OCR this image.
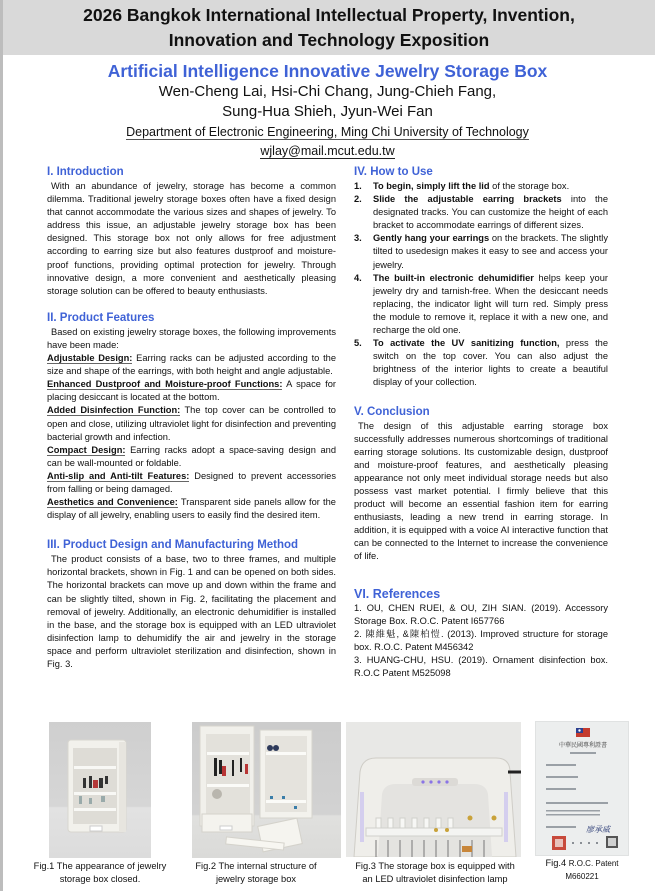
2026 Bangkok International Intellectual Property, Invention,
Innovation and Technology Exposition
Artificial Intelligence Innovative Jewelry Storage Box
Wen-Cheng Lai, Hsi-Chi Chang, Jung-Chieh Fang,
Sung-Hua Shieh, Jyun-Wei Fan
Department of Electronic Engineering, Ming Chi University of Technology
wjlay@mail.mcut.edu.tw
I. Introduction
With an abundance of jewelry, storage has become a common dilemma. Traditional jewelry storage boxes often have a fixed design that cannot accommodate the various sizes and shapes of jewelry. To address this issue, an adjustable jewelry storage box has been designed. This storage box not only allows for free adjustment according to earring size but also features dustproof and moisture-proof functions, providing optimal protection for jewelry. Through innovative design, a more convenient and aesthetically pleasing storage solution can be offered to beauty enthusiasts.
II. Product Features
Based on existing jewelry storage boxes, the following improvements have been made:
Adjustable Design: Earring racks can be adjusted according to the size and shape of the earrings, with both height and angle adjustable.
Enhanced Dustproof and Moisture-proof Functions: A space for placing desiccant is located at the bottom.
Added Disinfection Function: The top cover can be controlled to open and close, utilizing ultraviolet light for disinfection and preventing bacterial growth and infection.
Compact Design: Earring racks adopt a space-saving design and can be wall-mounted or foldable.
Anti-slip and Anti-tilt Features: Designed to prevent accessories from falling or being damaged.
Aesthetics and Convenience: Transparent side panels allow for the display of all jewelry, enabling users to easily find the desired item.
III. Product Design and Manufacturing Method
The product consists of a base, two to three frames, and multiple horizontal brackets, shown in Fig. 1 and can be opened on both sides. The horizontal brackets can move up and down within the frame and can be slightly tilted, shown in Fig. 2, facilitating the placement and removal of jewelry. Additionally, an electronic dehumidifier is installed in the base, and the storage box is equipped with an LED ultraviolet disinfection lamp to dehumidify the air and jewelry in the storage space and perform ultraviolet sterilization and disinfection, shown in Fig. 3.
IV. How to Use
1. To begin, simply lift the lid of the storage box.
2. Slide the adjustable earring brackets into the designated tracks. You can customize the height of each bracket to accommodate earrings of different sizes.
3. Gently hang your earrings on the brackets. The slightly tilted to usedesign makes it easy to see and access your jewelry.
4. The built-in electronic dehumidifier helps keep your jewelry dry and tarnish-free. When the desiccant needs replacing, the indicator light will turn red. Simply press the module to remove it, replace it with a new one, and recharge the old one.
5. To activate the UV sanitizing function, press the switch on the top cover. You can also adjust the brightness of the interior lights to create a beautiful display of your collection.
V. Conclusion
The design of this adjustable earring storage box successfully addresses numerous shortcomings of traditional earring storage solutions. Its customizable design, dustproof and moisture-proof features, and aesthetically pleasing appearance not only meet individual storage needs but also possess vast market potential. I firmly believe that this product will become an essential fashion item for earring enthusiasts, leading a new trend in earring storage. In addition, it is equipped with a voice AI interactive function that can be connected to the Internet to increase the convenience of life.
VI. References
1. OU, CHEN RUEI, & OU, ZIH SIAN. (2019). Accessory Storage Box. R.O.C. Patent I657766
2. 陳維魁, &陳柏愷. (2013). Improved structure for storage box. R.O.C. Patent M456342
3. HUANG-CHU, HSU. (2019). Ornament disinfection box. R.O.C Patent M525098
Fig.1 The appearance of jewelry
storage box closed.
Fig.2 The internal structure of
jewelry storage box
Fig.3 The storage box is equipped with
an LED ultraviolet disinfection lamp
中華民國專利證書
廖承威
Fig.4 R.O.C. Patent
M660221
